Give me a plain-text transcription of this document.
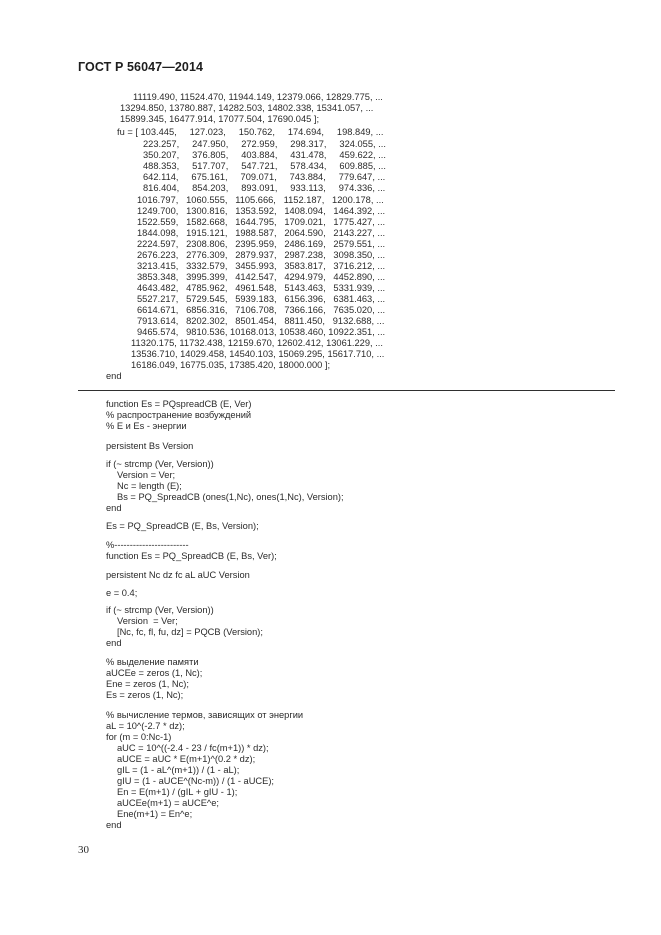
ГОСТ Р 56047—2014
11119.490, 11524.470, 11944.149, 12379.066, 12829.775, ...
13294.850, 13780.887, 14282.503, 14802.338, 15341.057, ...
15899.345, 16477.914, 17077.504, 17690.045 ];
fu = [ 103.445,     127.023,     150.762,     174.694,     198.849, ...
223.257,     247.950,     272.959,     298.317,     324.055, ...
350.207,     376.805,     403.884,     431.478,     459.622, ...
488.353,     517.707,     547.721,     578.434,     609.885, ...
642.114,     675.161,     709.071,     743.884,     779.647, ...
816.404,     854.203,     893.091,     933.113,     974.336, ...
1016.797,   1060.555,   1105.666,   1152.187,   1200.178, ...
1249.700,   1300.816,   1353.592,   1408.094,   1464.392, ...
1522.559,   1582.668,   1644.795,   1709.021,   1775.427, ...
1844.098,   1915.121,   1988.587,   2064.590,   2143.227, ...
2224.597,   2308.806,   2395.959,   2486.169,   2579.551, ...
2676.223,   2776.309,   2879.937,   2987.238,   3098.350, ...
3213.415,   3332.579,   3455.993,   3583.817,   3716.212, ...
3853.348,   3995.399,   4142.547,   4294.979,   4452.890, ...
4643.482,   4785.962,   4961.548,   5143.463,   5331.939, ...
5527.217,   5729.545,   5939.183,   6156.396,   6381.463, ...
6614.671,   6856.316,   7106.708,   7366.166,   7635.020, ...
7913.614,   8202.302,   8501.454,   8811.450,   9132.688, ...
9465.574,   9810.536, 10168.013, 10538.460, 10922.351, ...
11320.175, 11732.438, 12159.670, 12602.412, 13061.229, ...
13536.710, 14029.458, 14540.103, 15069.295, 15617.710, ...
16186.049, 16775.035, 17385.420, 18000.000 ];
end
function Es = PQspreadCB (E, Ver)
% распространение возбуждений
% E и Es - энергии
persistent Bs Version
if (~ strcmp (Ver, Version))
Version = Ver;
Nc = length (E);
Bs = PQ_SpreadCB (ones(1,Nc), ones(1,Nc), Version);
end
Es = PQ_SpreadCB (E, Bs, Version);
%------------------------
function Es = PQ_SpreadCB (E, Bs, Ver);
persistent Nc dz fc aL aUC Version
e = 0.4;
if (~ strcmp (Ver, Version))
Version  = Ver;
[Nc, fc, fl, fu, dz] = PQCB (Version);
end
% выделение памяти
aUCEe = zeros (1, Nc);
Ene = zeros (1, Nc);
Es = zeros (1, Nc);
% вычисление термов, зависящих от энергии
aL = 10^(-2.7 * dz);
for (m = 0:Nc-1)
aUC = 10^((-2.4 - 23 / fc(m+1)) * dz);
aUCE = aUC * E(m+1)^(0.2 * dz);
gIL = (1 - aL^(m+1)) / (1 - aL);
gIU = (1 - aUCE^(Nc-m)) / (1 - aUCE);
En = E(m+1) / (gIL + gIU - 1);
aUCEe(m+1) = aUCE^e;
Ene(m+1) = En^e;
end
30
